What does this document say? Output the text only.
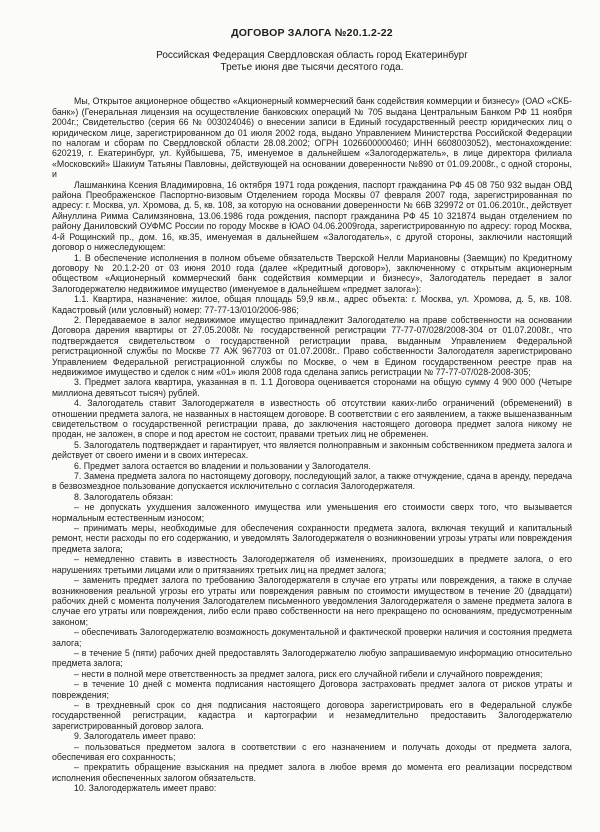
ДОГОВОР ЗАЛОГА №20.1.2-22
Российская Федерация Свердловская область город Екатеринбург
Третье июня две тысячи десятого года.

Мы, Открытое акционерное общество «Акционерный коммерческий банк содействия коммерции и бизнесу» (ОАО «СКБ-банк») (Генеральная лицензия на осуществление банковских операций № 705 выдана Центральным Банком РФ 11 ноября 2004г.; Свидетельство (серия 66 № 003024046) о внесении записи в Единый государственный реестр юридических лиц о юридическом лице, зарегистрированном до 01 июля 2002 года, выдано Управлением Министерства Российской Федерации по налогам и сборам по Свердловской области 28.08.2002; ОГРН 1026600000460; ИНН 6608003052), местонахождение: 620219, г. Екатеринбург, ул. Куйбышева, 75, именуемое в дальнейшем «Залогодержатель», в лице директора филиала «Московский» Шакиум Татьяны Павловны, действующей на основании доверенности №890 от 01.09.2008г., с одной стороны, и

Лашманкина Ксения Владимировна, 16 октября 1971 года рождения, паспорт гражданина РФ 45 08 750 932 выдан ОВД района Преображенское Паспортно-визовым Отделением города Москвы 07 февраля 2007 года, зарегистрированная по адресу: г. Москва, ул. Хромова, д. 5, кв. 108, за которую на основании доверенности № 66В 329972 от 01.06.2010г., действует Айнуллина Римма Салимзяновна, 13.06.1986 года рождения, паспорт гражданина РФ 45 10 321874 выдан отделением по району Даниловский ОУФМС России по городу Москве в ЮАО 04.06.2009года, зарегистрированную по адресу: город Москва, 4-й Рощинский пр., дом. 16, кв.35, именуемая в дальнейшем «Залогодатель», с другой стороны, заключили настоящий договор о нижеследующем:

1. В обеспечение исполнения в полном объеме обязательств Тверской Нелли Мариановны (Заемщик) по Кредитному договору № 20.1.2-20 от 03 июня 2010 года (далее «Кредитный договор»), заключенному с открытым акционерным обществом «Акционерный коммерческий банк содействия коммерции и бизнесу», Залогодатель передает в залог Залогодержателю недвижимое имущество (именуемое в дальнейшем «предмет залога»):

1.1. Квартира, назначение: жилое, общая площадь 59,9 кв.м., адрес объекта: г. Москва, ул. Хромова, д. 5, кв. 108. Кадастровый (или условный) номер: 77-77-13/010/2006-986;

2. Передаваемое в залог недвижимое имущество принадлежит Залогодателю на праве собственности на основании Договора дарения квартиры от 27.05.2008г.№ государственной регистрации 77-77-07/028/2008-304 от 01.07.2008г., что подтверждается свидетельством о государственной регистрации права, выданным Управлением Федеральной регистрационной службы по Москве 77 АЖ 967703 от 01.07.2008г.. Право собственности Залогодателя зарегистрировано Управлением Федеральной регистрационной службы по Москве, о чем в Едином государственном реестре прав на недвижимое имущество и сделок с ним «01» июля 2008 года сделана запись регистрации № 77-77-07/028-2008-305;

3. Предмет залога квартира, указанная в п. 1.1 Договора оценивается сторонами на общую сумму 4 900 000 (Четыре миллиона девятьсот тысяч) рублей.

4. Залогодатель ставит Залогодержателя в известность об отсутствии каких-либо ограничений (обременений) в отношении предмета залога, не названных в настоящем договоре. В соответствии с его заявлением, а также вышеназванным свидетельством о государственной регистрации права, до заключения настоящего договора предмет залога никому не продан, не заложен, в споре и под арестом не состоит, правами третьих лиц не обременен.

5. Залогодатель подтверждает и гарантирует, что является полноправным и законным собственником предмета залога и действует от своего имени и в своих интересах.

6. Предмет залога остается во владении и пользовании у Залогодателя.

7. Замена предмета залога по настоящему договору, последующий залог, а также отчуждение, сдача в аренду, передача в безвозмездное пользование допускается исключительно с согласия Залогодержателя.

8. Залогодатель обязан:

– не допускать ухудшения заложенного имущества или уменьшения его стоимости сверх того, что вызывается нормальным естественным износом;

– принимать меры, необходимые для обеспечения сохранности предмета залога, включая текущий и капитальный ремонт, нести расходы по его содержанию, и уведомлять Залогодержателя о возникновении угрозы утраты или повреждения предмета залога;

– немедленно ставить в известность Залогодержателя об изменениях, произошедших в предмете залога, о его нарушениях третьими лицами или о притязаниях третьих лиц на предмет залога;

– заменить предмет залога по требованию Залогодержателя в случае его утраты или повреждения, а также в случае возникновения реальной угрозы его утраты или повреждения равным по стоимости имуществом в течение 20 (двадцати) рабочих дней с момента получения Залогодателем письменного уведомления Залогодержателя о замене предмета залога в случае его утраты или повреждения, либо если право собственности на него прекращено по основаниям, предусмотренным законом;

– обеспечивать Залогодержателю возможность документальной и фактической проверки наличия и состояния предмета залога;

– в течение 5 (пяти) рабочих дней предоставлять Залогодержателю любую запрашиваемую информацию относительно предмета залога;

– нести в полной мере ответственность за предмет залога, риск его случайной гибели и случайного повреждения;

– в течение 10 дней с момента подписания настоящего Договора застраховать предмет залога от рисков утраты и повреждения;

– в трехдневный срок со дня подписания настоящего договора зарегистрировать его в Федеральной службе государственной регистрации, кадастра и картографии и незамедлительно предоставить Залогодержателю зарегистрированный договор залога.

9. Залогодатель имеет право:

– пользоваться предметом залога в соответствии с его назначением и получать доходы от предмета залога, обеспечивая его сохранность;

– прекратить обращение взыскания на предмет залога в любое время до момента его реализации посредством исполнения обеспеченных залогом обязательств.

10. Залогодержатель имеет право:
